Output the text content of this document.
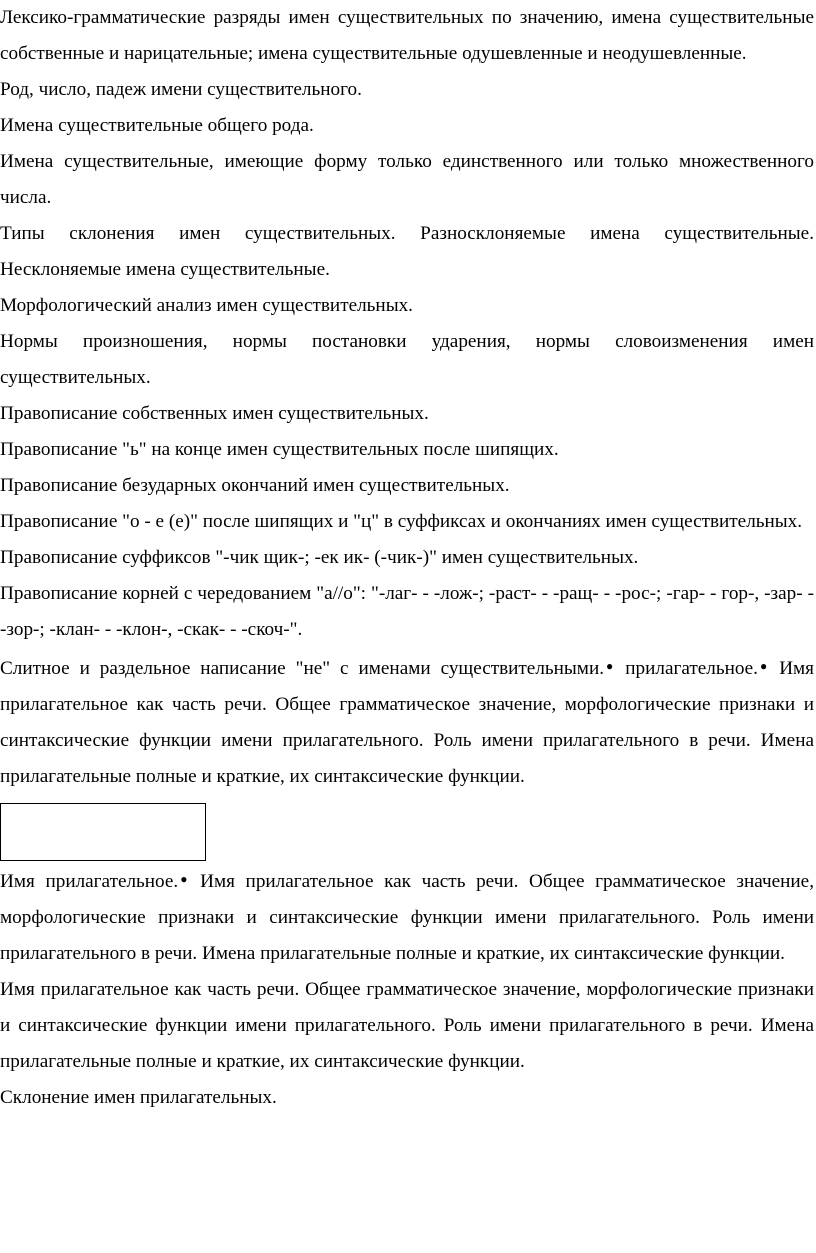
Лексико-грамматические разряды имен существительных по значению, имена существительные собственные и нарицательные; имена существительные одушевленные и неодушевленные.

Род, число, падеж имени существительного.

Имена существительные общего рода.

Имена существительные, имеющие форму только единственного или только множественного числа.

Типы склонения имен существительных. Разносклоняемые имена существительные. Несклоняемые имена существительные.

Морфологический анализ имен существительных.

Нормы произношения, нормы постановки ударения, нормы словоизменения имен существительных.

Правописание собственных имен существительных.

Правописание "ь" на конце имен существительных после шипящих.

Правописание безударных окончаний имен существительных.

Правописание "о - е (е)" после шипящих и "ц" в суффиксах и окончаниях имен существительных.

Правописание суффиксов "-чик щик-; -ек ик- (-чик-)" имен существительных.

Правописание корней с чередованием "а//о": "-лаг- - -лож-; -раст- - -ращ- - -рос-; -гар- - гор-, -зар- - -зор-; -клан- - -клон-, -скак- - -скоч-".

Слитное и раздельное написание "не" с именами существительными. ● прилагательное. ● Имя прилагательное как часть речи. Общее грамматическое значение, морфологические признаки и синтаксические функции имени прилагательного. Роль имени прилагательного в речи. Имена прилагательные полные и краткие, их синтаксические функции.

Имя прилагательное. ● Имя прилагательное как часть речи. Общее грамматическое значение, морфологические признаки и синтаксические функции имени прилагательного. Роль имени прилагательного в речи. Имена прилагательные полные и краткие, их синтаксические функции.

Имя прилагательное как часть речи. Общее грамматическое значение, морфологические признаки и синтаксические функции имени прилагательного. Роль имени прилагательного в речи. Имена прилагательные полные и краткие, их синтаксические функции.

Склонение имен прилагательных.
